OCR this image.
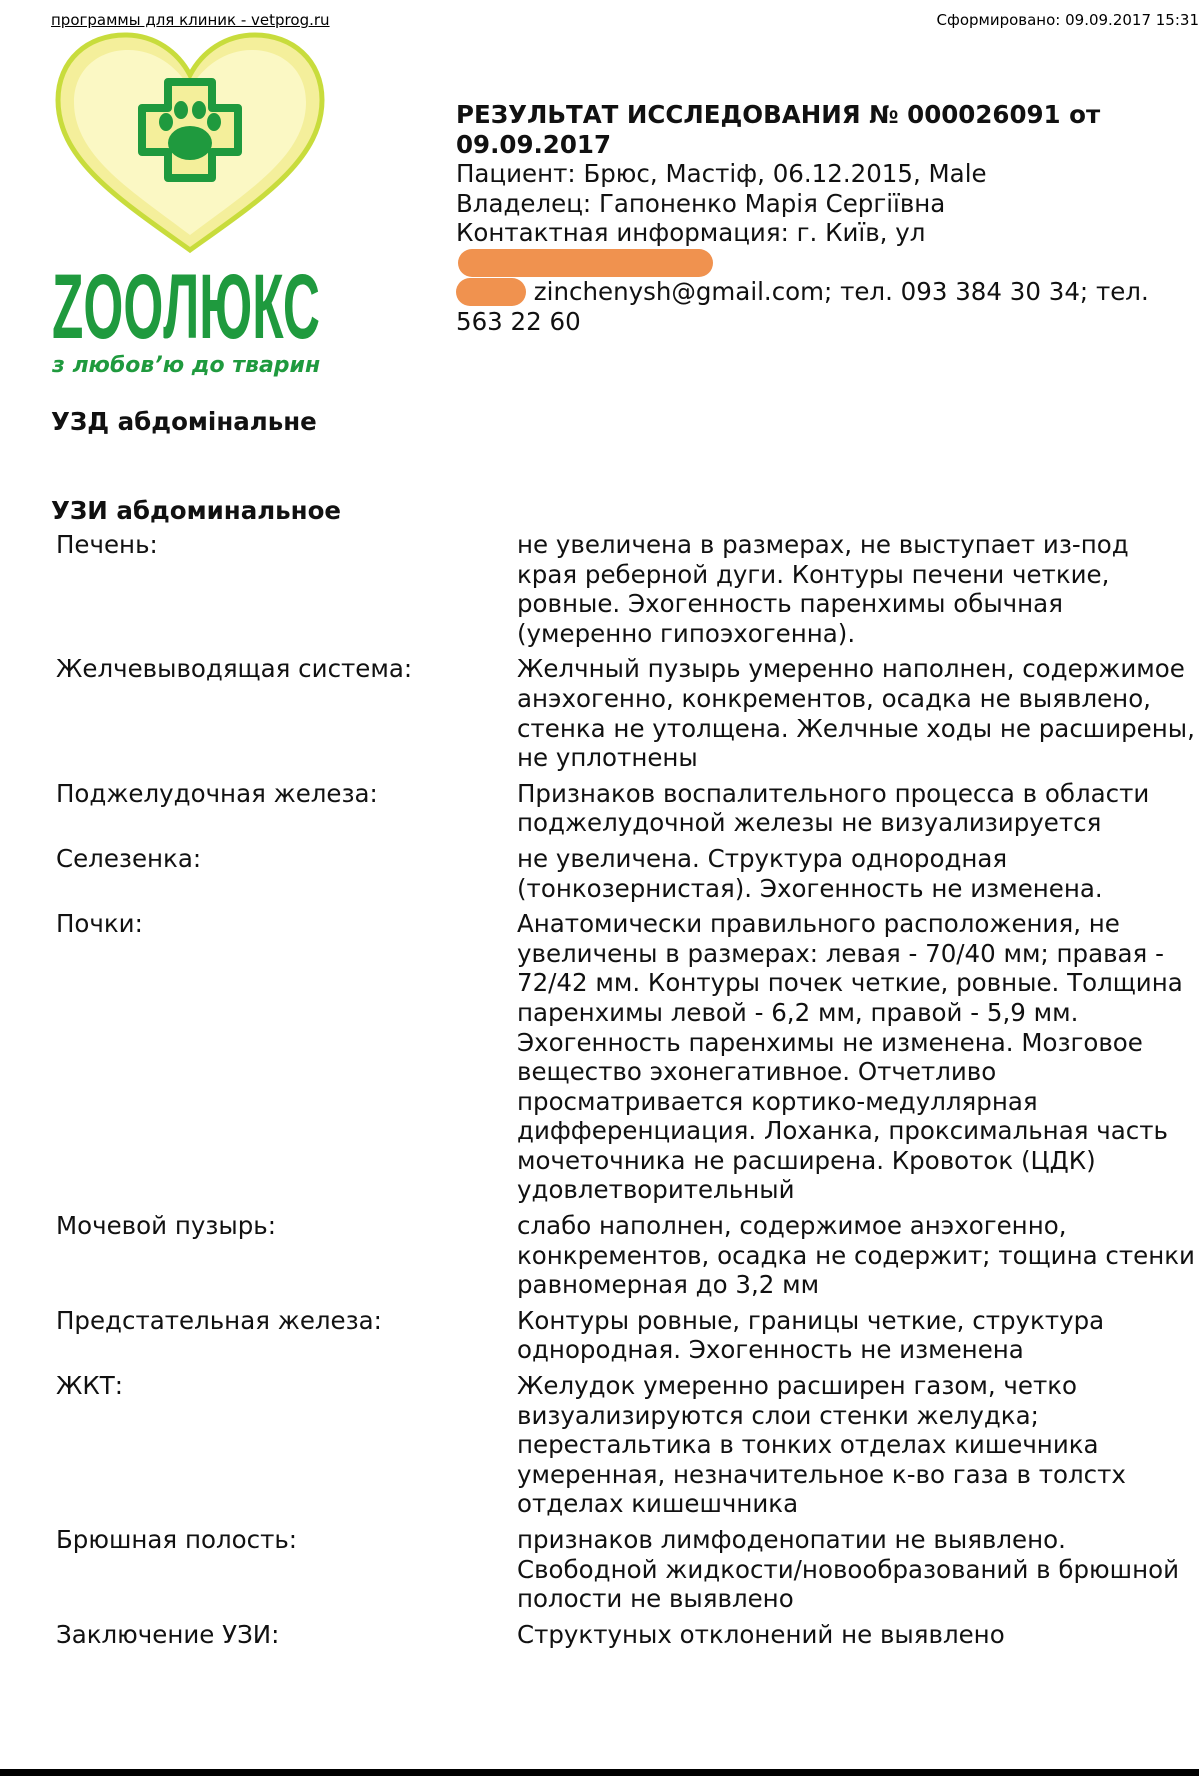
программы для клиник - vetprog.ru	Сформировано: 09.09.2017 15:31
ZOOЛЮКС
з любов’ю до тварин
РЕЗУЛЬТАТ ИССЛЕДОВАНИЯ № 000026091 от 09.09.2017
Пациент: Брюс, Мастіф, 06.12.2015, Male
Владелец: Гапоненко Марія Сергіївна
Контактная информация: г. Київ, ул
zinchenysh@gmail.com; тел. 093 384 30 34; тел. 563 22 60
УЗД абдомінальне
УЗИ абдоминальное
Печень:	не увеличена в размерах, не выступает из-под края реберной дуги. Контуры печени четкие, ровные. Эхогенность паренхимы обычная (умеренно гипоэхогенна).
Желчевыводящая система:	Желчный пузырь умеренно наполнен, содержимое анэхогенно, конкрементов, осадка не выявлено, стенка не утолщена. Желчные ходы не расширены, не уплотнены
Поджелудочная железа:	Признаков воспалительного процесса в области поджелудочной железы не визуализируется
Селезенка:	не увеличена. Структура однородная (тонкозернистая). Эхогенность не изменена.
Почки:	Анатомически правильного расположения, не увеличены в размерах: левая - 70/40 мм; правая - 72/42 мм. Контуры почек четкие, ровные. Толщина паренхимы левой - 6,2 мм, правой - 5,9 мм. Эхогенность паренхимы не изменена. Мозговое вещество эхонегативное. Отчетливо просматривается кортико-медуллярная дифференциация. Лоханка, проксимальная часть мочеточника не расширена. Кровоток (ЦДК) удовлетворительный
Мочевой пузырь:	слабо наполнен, содержимое анэхогенно, конкрементов, осадка не содержит; тощина стенки равномерная до 3,2 мм
Предстательная железа:	Контуры ровные, границы четкие, структура однородная. Эхогенность не изменена
ЖКТ:	Желудок умеренно расширен газом, четко визуализируются слои стенки желудка; перестальтика в тонких отделах кишечника умеренная, незначительное к-во газа в толстх отделах кишешчника
Брюшная полость:	признаков лимфоденопатии не выявлено. Свободной жидкости/новообразований в брюшной полости не выявлено
Заключение УЗИ:	Структуных отклонений не выявлено
